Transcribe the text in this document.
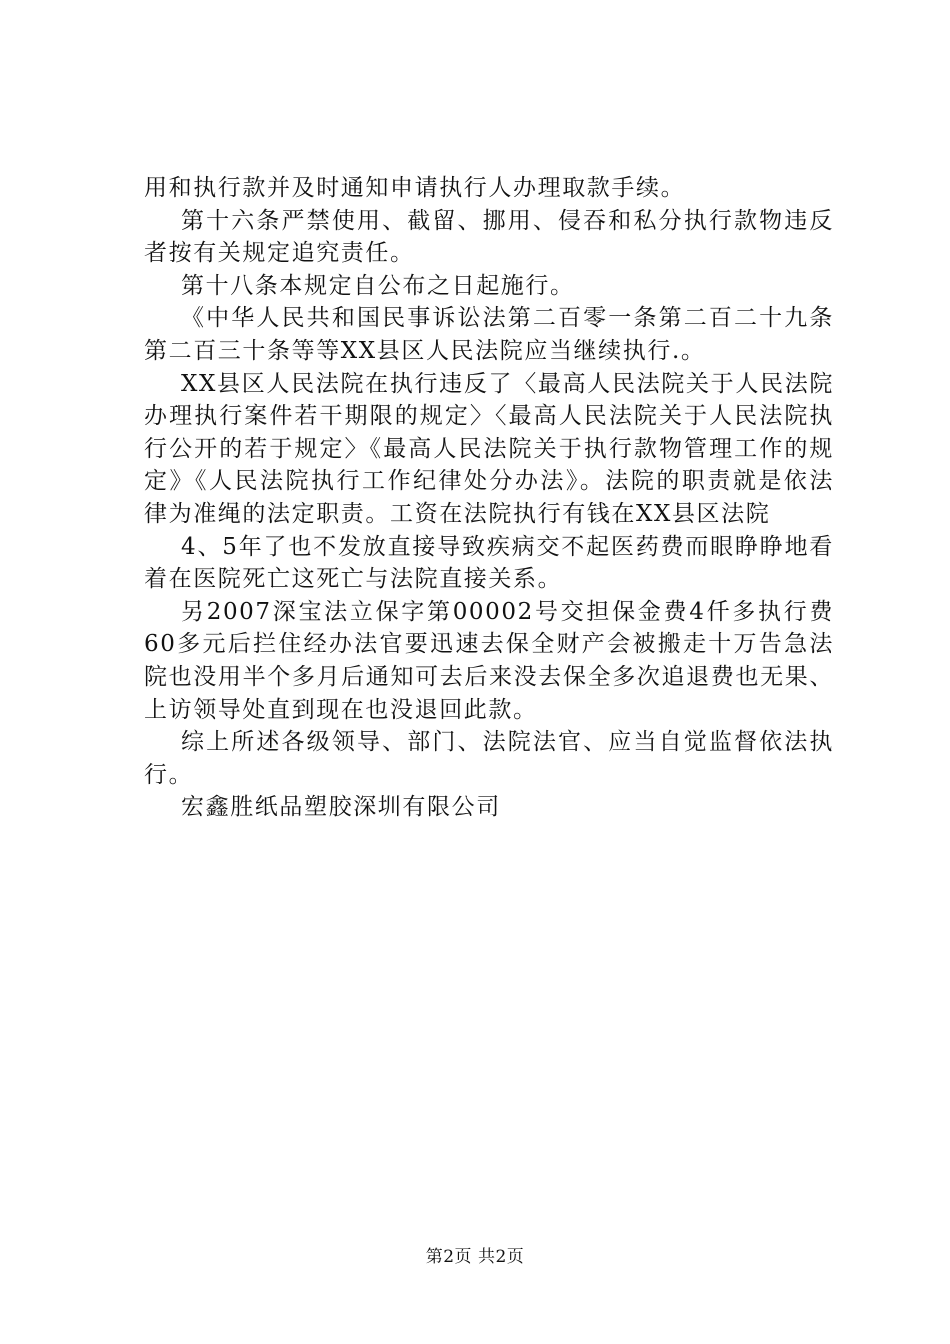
用和执行款并及时通知申请执行人办理取款手续。

第十六条严禁使用、截留、挪用、侵吞和私分执行款物违反者按有关规定追究责任。

第十八条本规定自公布之日起施行。

《中华人民共和国民事诉讼法第二百零一条第二百二十九条第二百三十条等等XX县区人民法院应当继续执行.。

XX县区人民法院在执行违反了〈最高人民法院关于人民法院办理执行案件若干期限的规定〉〈最高人民法院关于人民法院执行公开的若于规定〉《最高人民法院关于执行款物管理工作的规定》《人民法院执行工作纪律处分办法》。法院的职责就是依法律为准绳的法定职责。工资在法院执行有钱在XX县区法院

4、5年了也不发放直接导致疾病交不起医药费而眼睁睁地看着在医院死亡这死亡与法院直接关系。

另2007深宝法立保字第00002号交担保金费4仟多执行费60多元后拦住经办法官要迅速去保全财产会被搬走十万告急法院也没用半个多月后通知可去后来没去保全多次追退费也无果、上访领导处直到现在也没退回此款。

综上所述各级领导、部门、法院法官、应当自觉监督依法执行。

宏鑫胜纸品塑胶深圳有限公司

第2页 共2页
